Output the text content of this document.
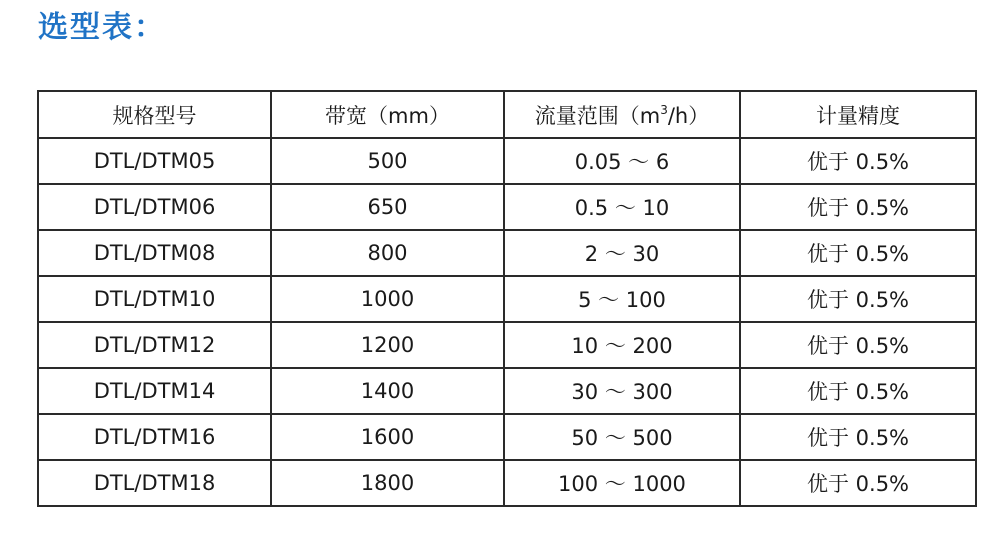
选型表：
规格型号	带宽（mm）	流量范围$(m^3/h)$	计量精度
DTL/DTM05	500	0.05 ～ 6	优于 0.5%
DTL/DTM06	650	0.5 ～ 10	优于 0.5%
DTL/DTM08	800	2 ～ 30	优于 0.5%
DTL/DTM10	1000	5 ～ 100	优于 0.5%
DTL/DTM12	1200	10 ～ 200	优于 0.5%
DTL/DTM14	1400	30 ～ 300	优于 0.5%
DTL/DTM16	1600	50 ～ 500	优于 0.5%
DTL/DTM18	1800	100 ～ 1000	优于 0.5%
